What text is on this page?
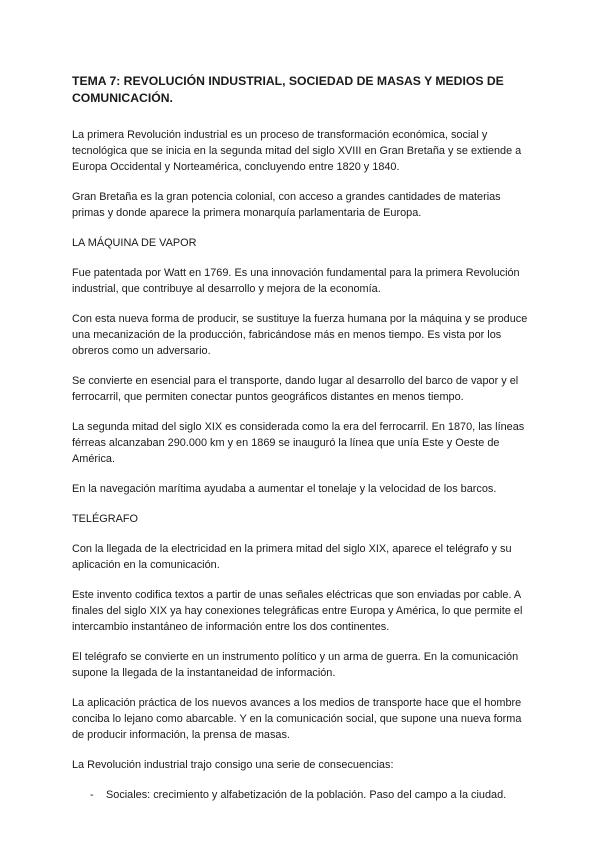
TEMA 7: REVOLUCIÓN INDUSTRIAL, SOCIEDAD DE MASAS Y MEDIOS DE COMUNICACIÓN.

La primera Revolución industrial es un proceso de transformación económica, social y tecnológica que se inicia en la segunda mitad del siglo XVIII en Gran Bretaña y se extiende a Europa Occidental y Norteamérica, concluyendo entre 1820 y 1840.

Gran Bretaña es la gran potencia colonial, con acceso a grandes cantidades de materias primas y donde aparece la primera monarquía parlamentaria de Europa.

LA MÁQUINA DE VAPOR

Fue patentada por Watt en 1769. Es una innovación fundamental para la primera Revolución industrial, que contribuye al desarrollo y mejora de la economía.

Con esta nueva forma de producir, se sustituye la fuerza humana por la máquina y se produce una mecanización de la producción, fabricándose más en menos tiempo. Es vista por los obreros como un adversario.

Se convierte en esencial para el transporte, dando lugar al desarrollo del barco de vapor y el ferrocarril, que permiten conectar puntos geográficos distantes en menos tiempo.

La segunda mitad del siglo XIX es considerada como la era del ferrocarril. En 1870, las líneas férreas alcanzaban 290.000 km y en 1869 se inauguró la línea que unía Este y Oeste de América.

En la navegación marítima ayudaba a aumentar el tonelaje y la velocidad de los barcos.

TELÉGRAFO

Con la llegada de la electricidad en la primera mitad del siglo XIX, aparece el telégrafo y su aplicación en la comunicación.

Este invento codifica textos a partir de unas señales eléctricas que son enviadas por cable. A finales del siglo XIX ya hay conexiones telegráficas entre Europa y América, lo que permite el intercambio instantáneo de información entre los dos continentes.

El telégrafo se convierte en un instrumento político y un arma de guerra. En la comunicación supone la llegada de la instantaneidad de información.

La aplicación práctica de los nuevos avances a los medios de transporte hace que el hombre conciba lo lejano como abarcable. Y en la comunicación social, que supone una nueva forma de producir información, la prensa de masas.

La Revolución industrial trajo consigo una serie de consecuencias:

-	Sociales: crecimiento y alfabetización de la población. Paso del campo a la ciudad.
